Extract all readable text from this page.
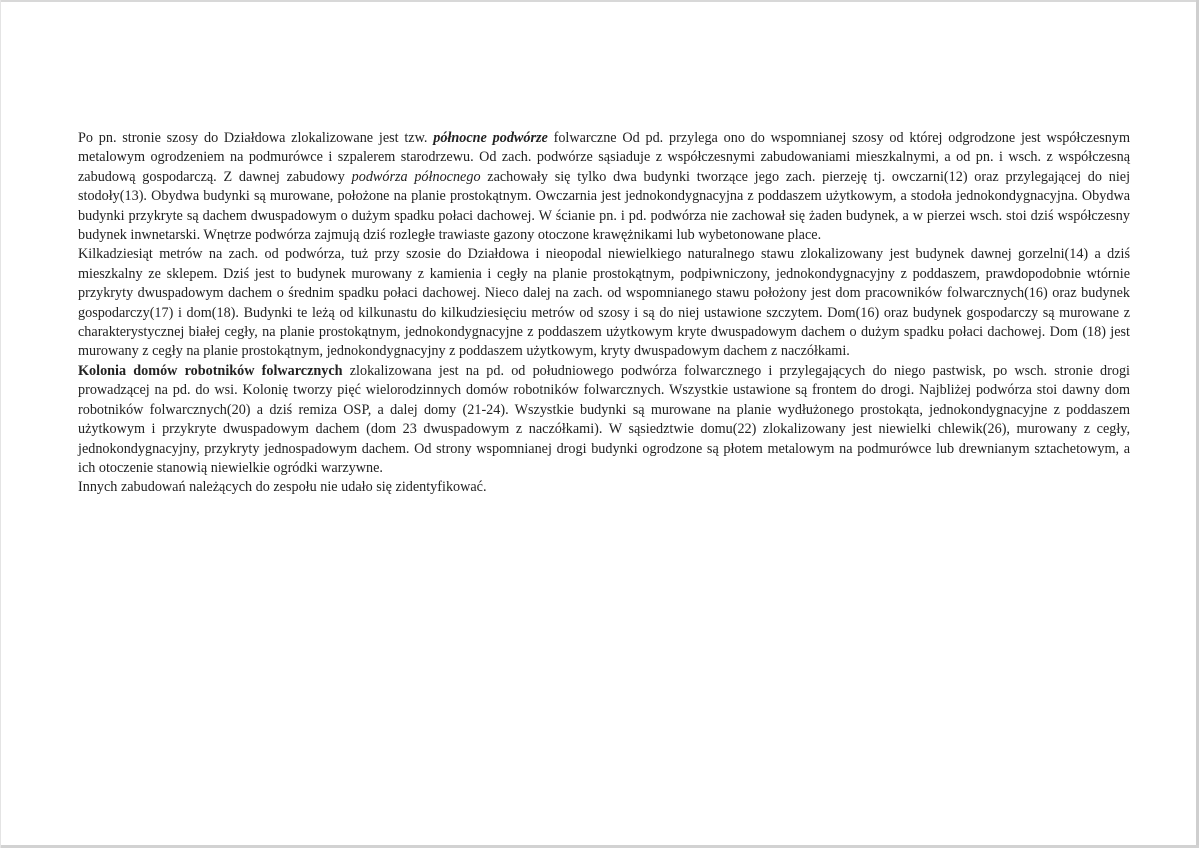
Po pn. stronie szosy do Działdowa zlokalizowane jest tzw. północne podwórze folwarczne Od pd. przylega ono do wspomnianej szosy od której odgrodzone jest współczesnym metalowym ogrodzeniem na podmurówce i szpalerem starodrzewu. Od zach. podwórze sąsiaduje z współczesnymi zabudowaniami mieszkalnymi, a od pn. i wsch. z współczesną zabudową gospodarczą. Z dawnej zabudowy podwórza północnego zachowały się tylko dwa budynki tworzące jego zach. pierzeję tj. owczarni(12) oraz przylegającej do niej stodoły(13). Obydwa budynki są murowane, położone na planie prostokątnym. Owczarnia jest jednokondygnacyjna z poddaszem użytkowym, a stodoła jednokondygnacyjna. Obydwa budynki przykryte są dachem dwuspadowym o dużym spadku połaci dachowej. W ścianie pn. i pd. podwórza nie zachował się żaden budynek, a w pierzei wsch. stoi dziś współczesny budynek inwnetarski. Wnętrze podwórza zajmują dziś rozległe trawiaste gazony otoczone krawężnikami lub wybetonowane place.

Kilkadziesiąt metrów na zach. od podwórza, tuż przy szosie do Działdowa i nieopodal niewielkiego naturalnego stawu zlokalizowany jest budynek dawnej gorzelni(14) a dziś mieszkalny ze sklepem. Dziś jest to budynek murowany z kamienia i cegły na planie prostokątnym, podpiwniczony, jednokondygnacyjny z poddaszem, prawdopodobnie wtórnie przykryty dwuspadowym dachem o średnim spadku połaci dachowej. Nieco dalej na zach. od wspomnianego stawu położony jest dom pracowników folwarcznych(16) oraz budynek gospodarczy(17) i dom(18). Budynki te leżą od kilkunastu do kilkudziesięciu metrów od szosy i są do niej ustawione szczytem. Dom(16) oraz budynek gospodarczy są murowane z charakterystycznej białej cegły, na planie prostokątnym, jednokondygnacyjne z poddaszem użytkowym kryte dwuspadowym dachem o dużym spadku połaci dachowej. Dom (18) jest murowany z cegły na planie prostokątnym, jednokondygnacyjny z poddaszem użytkowym, kryty dwuspadowym dachem z naczółkami.

Kolonia domów robotników folwarcznych zlokalizowana jest na pd. od południowego podwórza folwarcznego i przylegających do niego pastwisk, po wsch. stronie drogi prowadzącej na pd. do wsi. Kolonię tworzy pięć wielorodzinnych domów robotników folwarcznych. Wszystkie ustawione są frontem do drogi. Najbliżej podwórza stoi dawny dom robotników folwarcznych(20) a dziś remiza OSP, a dalej domy (21-24). Wszystkie budynki są murowane na planie wydłużonego prostokąta, jednokondygnacyjne z poddaszem użytkowym i przykryte dwuspadowym dachem (dom 23 dwuspadowym z naczółkami). W sąsiedztwie domu(22) zlokalizowany jest niewielki chlewik(26), murowany z cegły, jednokondygnacyjny, przykryty jednospadowym dachem. Od strony wspomnianej drogi budynki ogrodzone są płotem metalowym na podmurówce lub drewnianym sztachetowym, a ich otoczenie stanowią niewielkie ogródki warzywne.

Innych zabudowań należących do zespołu nie udało się zidentyfikować.
